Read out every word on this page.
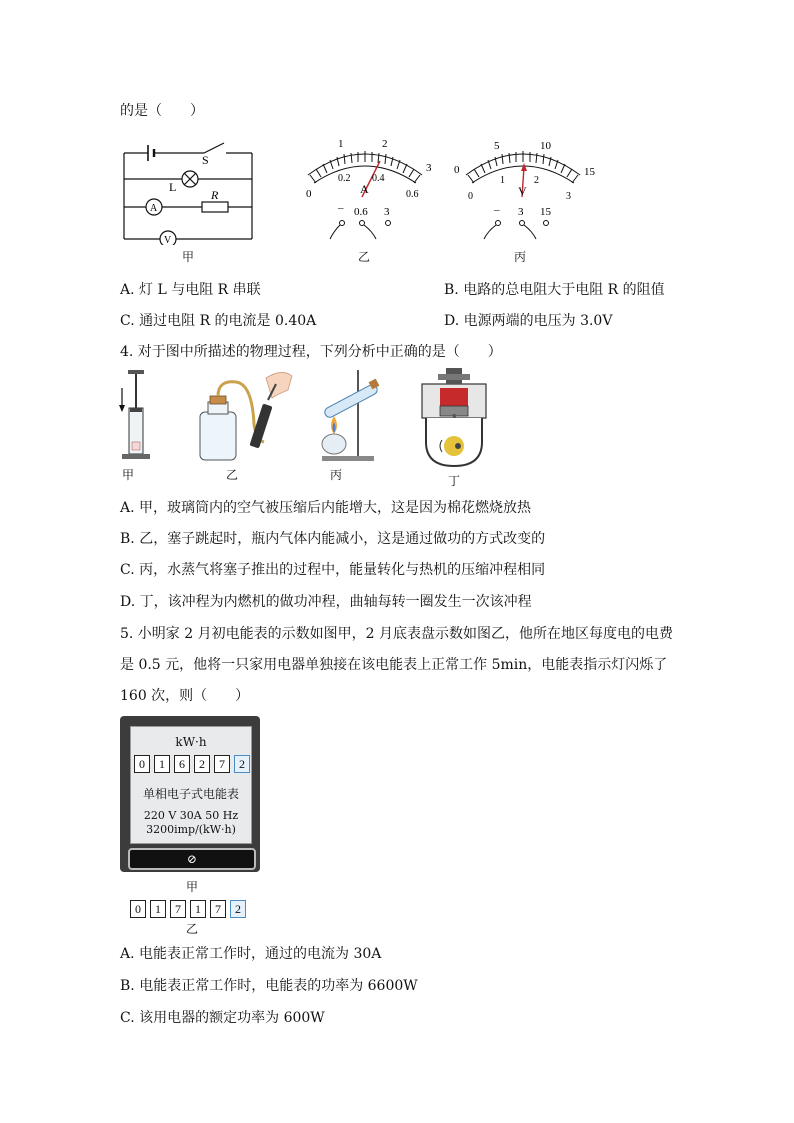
的是（　　）
S
L
R
A
V
甲
0
1	2
3
0.2 0.4
0.6
A
– 0.6 3
乙
0
5	10
15
0
1	2
3
V
– 3 15
丙
A. 灯 L 与电阻 R 串联	B. 电路的总电阻大于电阻 R 的阻值
C. 通过电阻 R 的电流是 0.40A	D. 电源两端的电压为 3.0V
4. 对于图中所描述的物理过程，下列分析中正确的是（　　）
甲	乙	丙	丁
A. 甲，玻璃筒内的空气被压缩后内能增大，这是因为棉花燃烧放热
B. 乙，塞子跳起时，瓶内气体内能减小，这是通过做功的方式改变的
C. 丙，水蒸气将塞子推出的过程中，能量转化与热机的压缩冲程相同
D. 丁，该冲程为内燃机的做功冲程，曲轴每转一圈发生一次该冲程
5. 小明家 2 月初电能表的示数如图甲，2 月底表盘示数如图乙，他所在地区每度电的电费
是 0.5 元，他将一只家用电器单独接在该电能表上正常工作 5min，电能表指示灯闪烁了
160 次，则（　　）
kW·h
0	1	6	2	7	2
单相电子式电能表
220 V 30A 50 Hz
3200imp/(kW·h)
⊘
甲
0	1	7	1	7	2
乙
A. 电能表正常工作时，通过的电流为 30A
B. 电能表正常工作时，电能表的功率为 6600W
C. 该用电器的额定功率为 600W
